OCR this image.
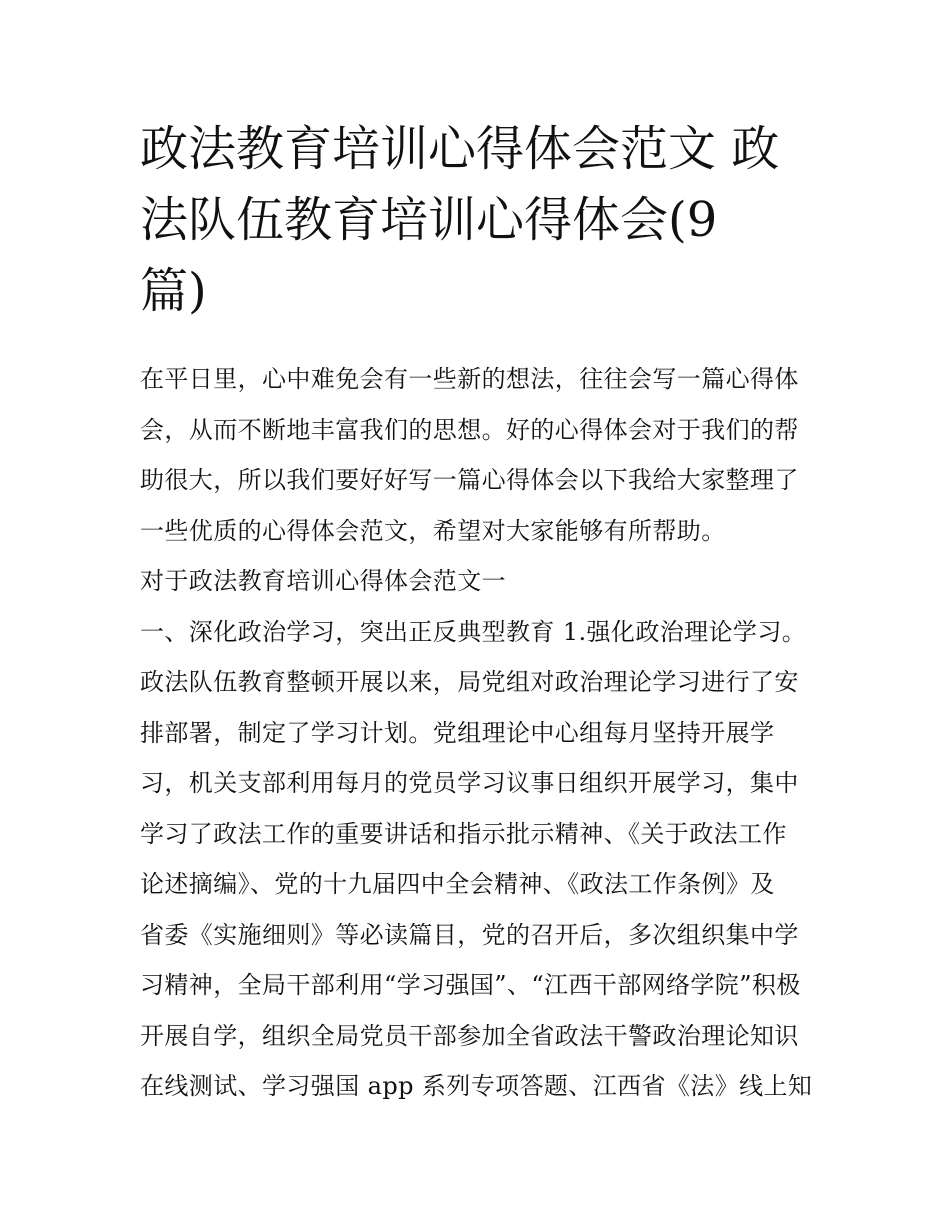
政法教育培训心得体会范文 政
法队伍教育培训心得体会(9
篇)
在平日里，心中难免会有一些新的想法，往往会写一篇心得体
会，从而不断地丰富我们的思想。好的心得体会对于我们的帮
助很大，所以我们要好好写一篇心得体会以下我给大家整理了
一些优质的心得体会范文，希望对大家能够有所帮助。
对于政法教育培训心得体会范文一
一、深化政治学习，突出正反典型教育 1.强化政治理论学习。
政法队伍教育整顿开展以来，局党组对政治理论学习进行了安
排部署，制定了学习计划。党组理论中心组每月坚持开展学
习，机关支部利用每月的党员学习议事日组织开展学习，集中
学习了政法工作的重要讲话和指示批示精神、《关于政法工作
论述摘编》、党的十九届四中全会精神、《政法工作条例》及
省委《实施细则》等必读篇目，党的召开后，多次组织集中学
习精神，全局干部利用“学习强国”、“江西干部网络学院”积极
开展自学，组织全局党员干部参加全省政法干警政治理论知识
在线测试、学习强国 app 系列专项答题、江西省《法》线上知
